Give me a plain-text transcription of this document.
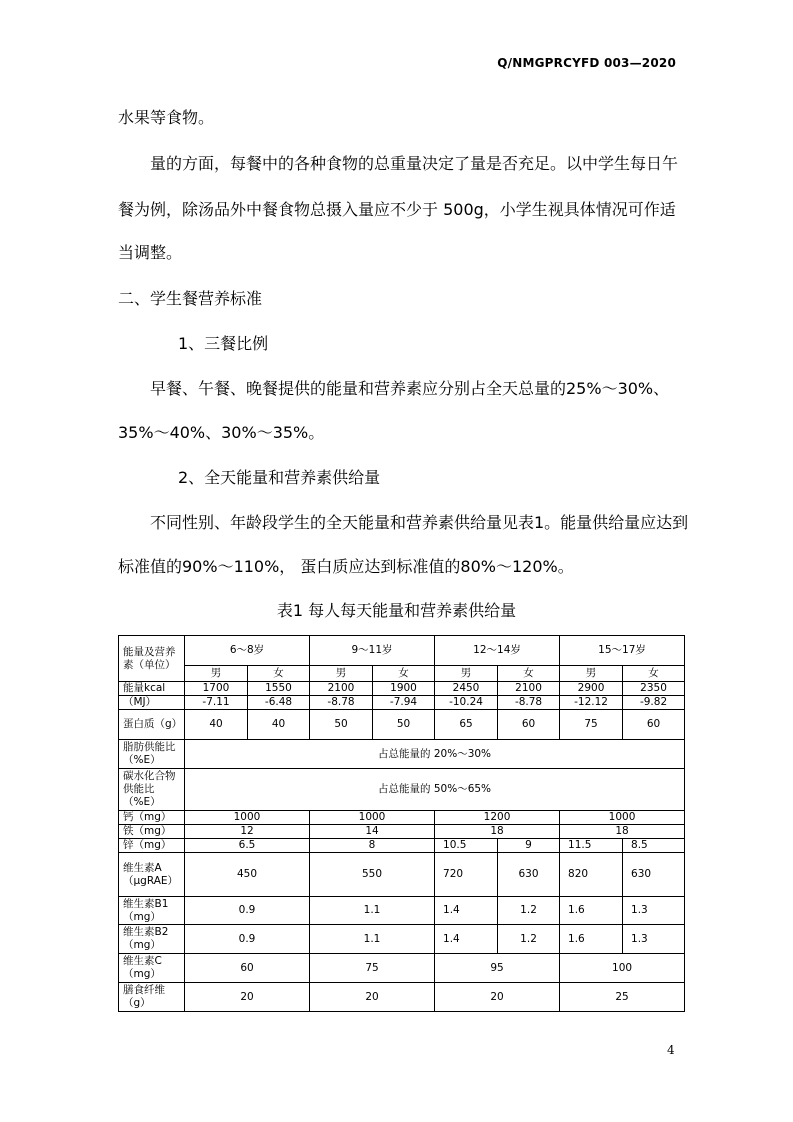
Q/NMGPRCYFD 003—2020
水果等食物。
量的方面，每餐中的各种食物的总重量决定了量是否充足。以中学生每日午
餐为例，除汤品外中餐食物总摄入量应不少于 500g，小学生视具体情况可作适
当调整。
二、学生餐营养标准
1、三餐比例
早餐、午餐、晚餐提供的能量和营养素应分别占全天总量的25%～30%、
35%～40%、30%～35%。
2、全天能量和营养素供给量
不同性别、年龄段学生的全天能量和营养素供给量见表1。能量供给量应达到
标准值的90%～110%， 蛋白质应达到标准值的80%～120%。
表1 每人每天能量和营养素供给量
能量及营养素（单位）	6～8岁		9～11岁		12～14岁		15～17岁	
	男	女	男	女	男	女	男	女
能量kcal	1700	1550	2100	1900	2450	2100	2900	2350
（MJ）	-7.11	-6.48	-8.78	-7.94	-10.24	-8.78	-12.12	-9.82
蛋白质（g）	40	40	50	50	65	60	75	60
脂肪供能比（%E）	占总能量的 20%～30%							
碳水化合物供能比（%E）	占总能量的 50%～65%							
钙（mg）	1000		1000		1200		1000	
铁（mg）	12		14		18		18	
锌（mg）	6.5		8		10.5	9	11.5	8.5
维生素A（μgRAE）	450		550		720	630	820	630
维生素B1（mg）	0.9		1.1		1.4	1.2	1.6	1.3
维生素B2（mg）	0.9		1.1		1.4	1.2	1.6	1.3
维生素C（mg）	60		75		95		100	
膳食纤维（g）	20		20		20		25	
4
